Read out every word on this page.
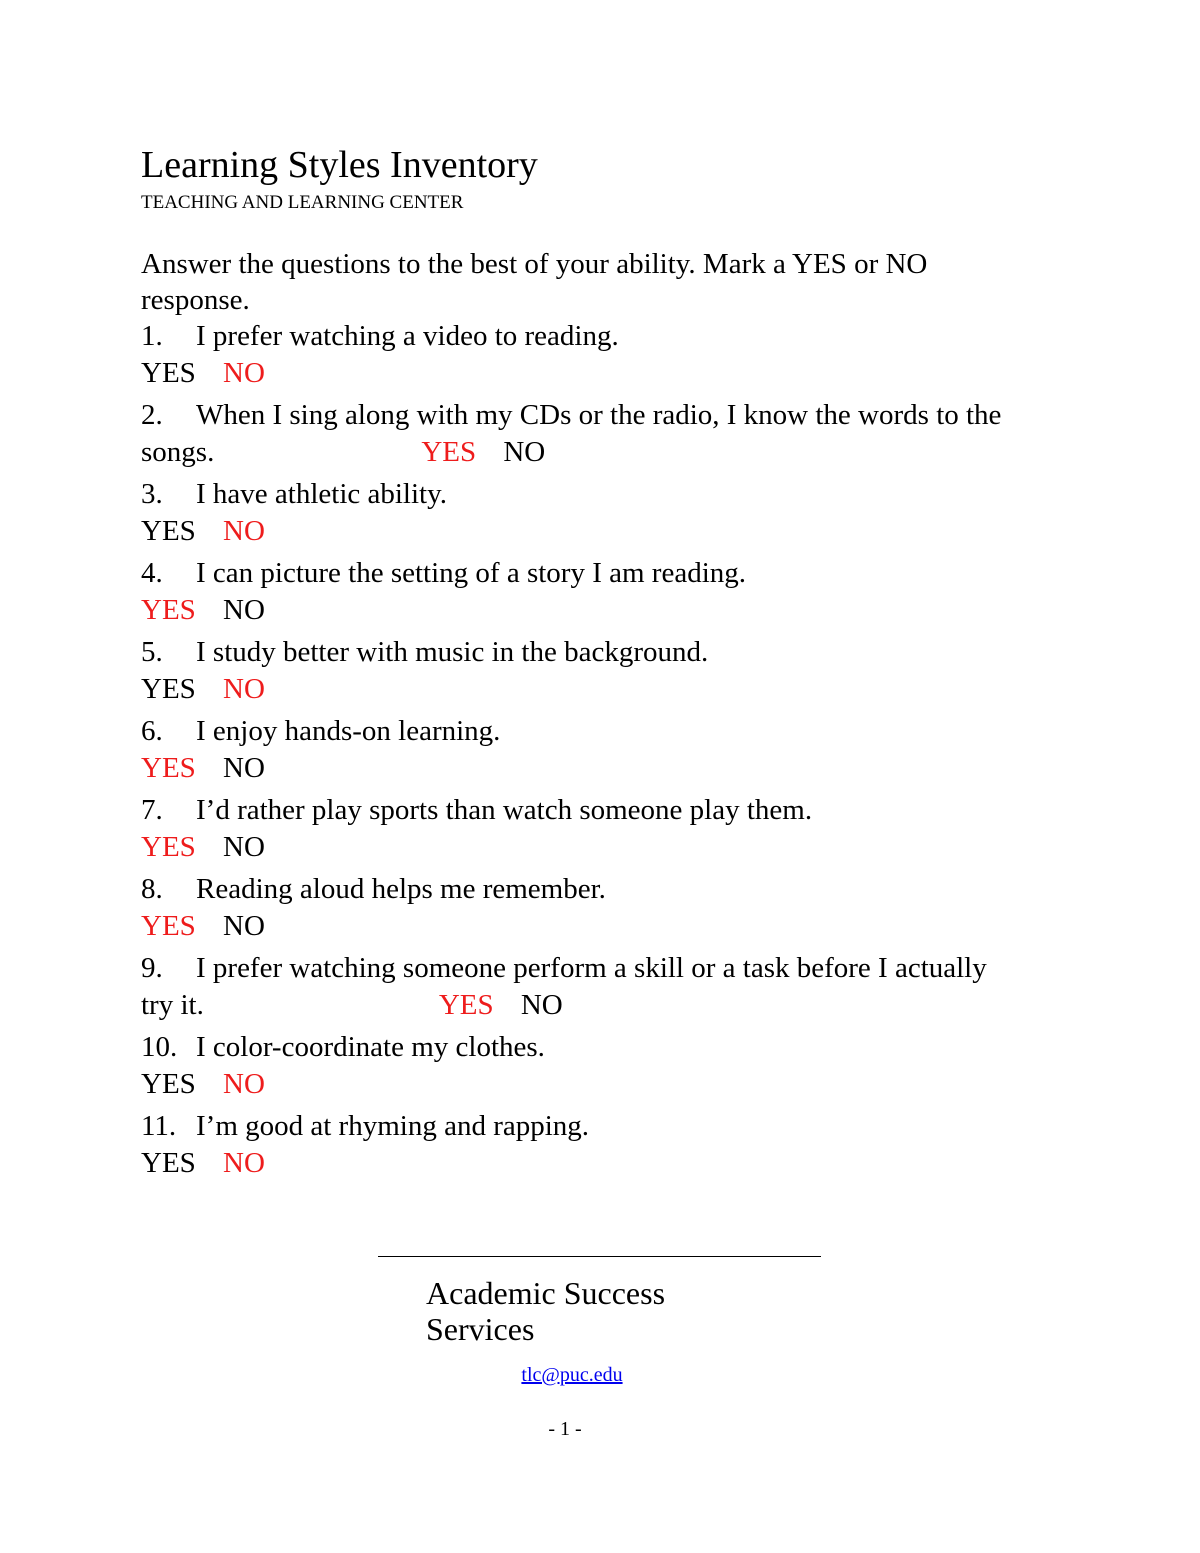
Learning Styles Inventory
TEACHING AND LEARNING CENTER
Answer the questions to the best of your ability. Mark a YES or NO
response.
1. I prefer watching a video to reading.
YES NO
2. When I sing along with my CDs or the radio, I know the words to the
songs.	YES NO
3. I have athletic ability.
YES NO
4. I can picture the setting of a story I am reading.
YES NO
5. I study better with music in the background.
YES NO
6. I enjoy hands-on learning.
YES NO
7. I’d rather play sports than watch someone play them.
YES NO
8. Reading aloud helps me remember.
YES NO
9. I prefer watching someone perform a skill or a task before I actually
try it.	YES NO
10. I color-coordinate my clothes.
YES NO
11. I’m good at rhyming and rapping.
YES NO
Academic Success
Services
tlc@puc.edu
- 1 -
